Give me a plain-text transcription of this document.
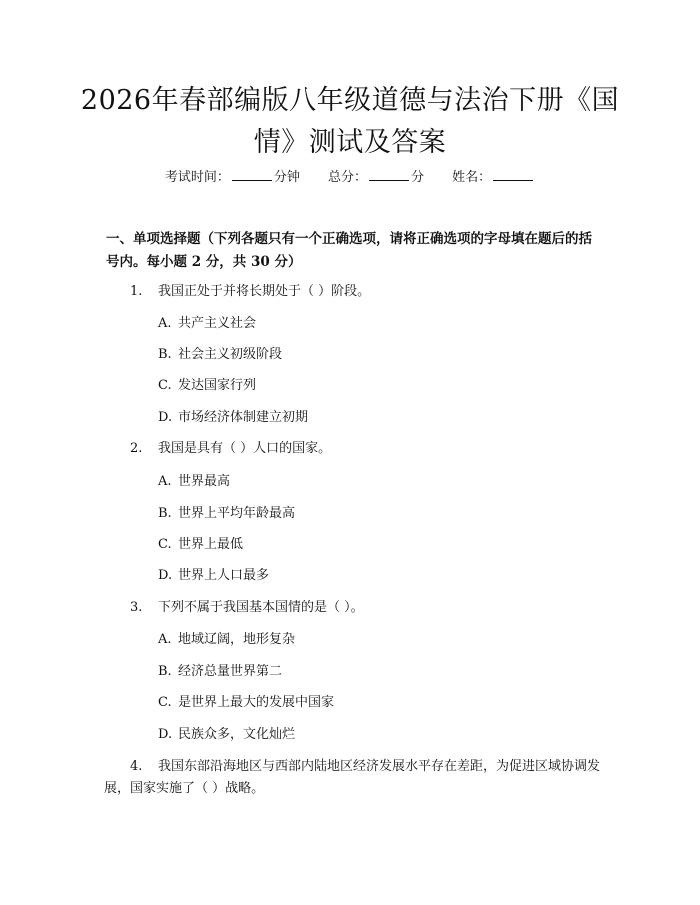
2026年春部编版八年级道德与法治下册《国情》测试及答案
考试时间：	分钟 总分：	分 姓名：
一、单项选择题（下列各题只有一个正确选项，请将正确选项的字母填在题后的括号内。每小题 2 分，共 30 分）
1. 我国正处于并将长期处于（ ）阶段。
A. 共产主义社会
B. 社会主义初级阶段
C. 发达国家行列
D. 市场经济体制建立初期
2. 我国是具有（ ）人口的国家。
A. 世界最高
B. 世界上平均年龄最高
C. 世界上最低
D. 世界上人口最多
3. 下列不属于我国基本国情的是（ ）。
A. 地域辽阔，地形复杂
B. 经济总量世界第二
C. 是世界上最大的发展中国家
D. 民族众多，文化灿烂
4. 我国东部沿海地区与西部内陆地区经济发展水平存在差距，为促进区域协调发展，国家实施了（ ）战略。
